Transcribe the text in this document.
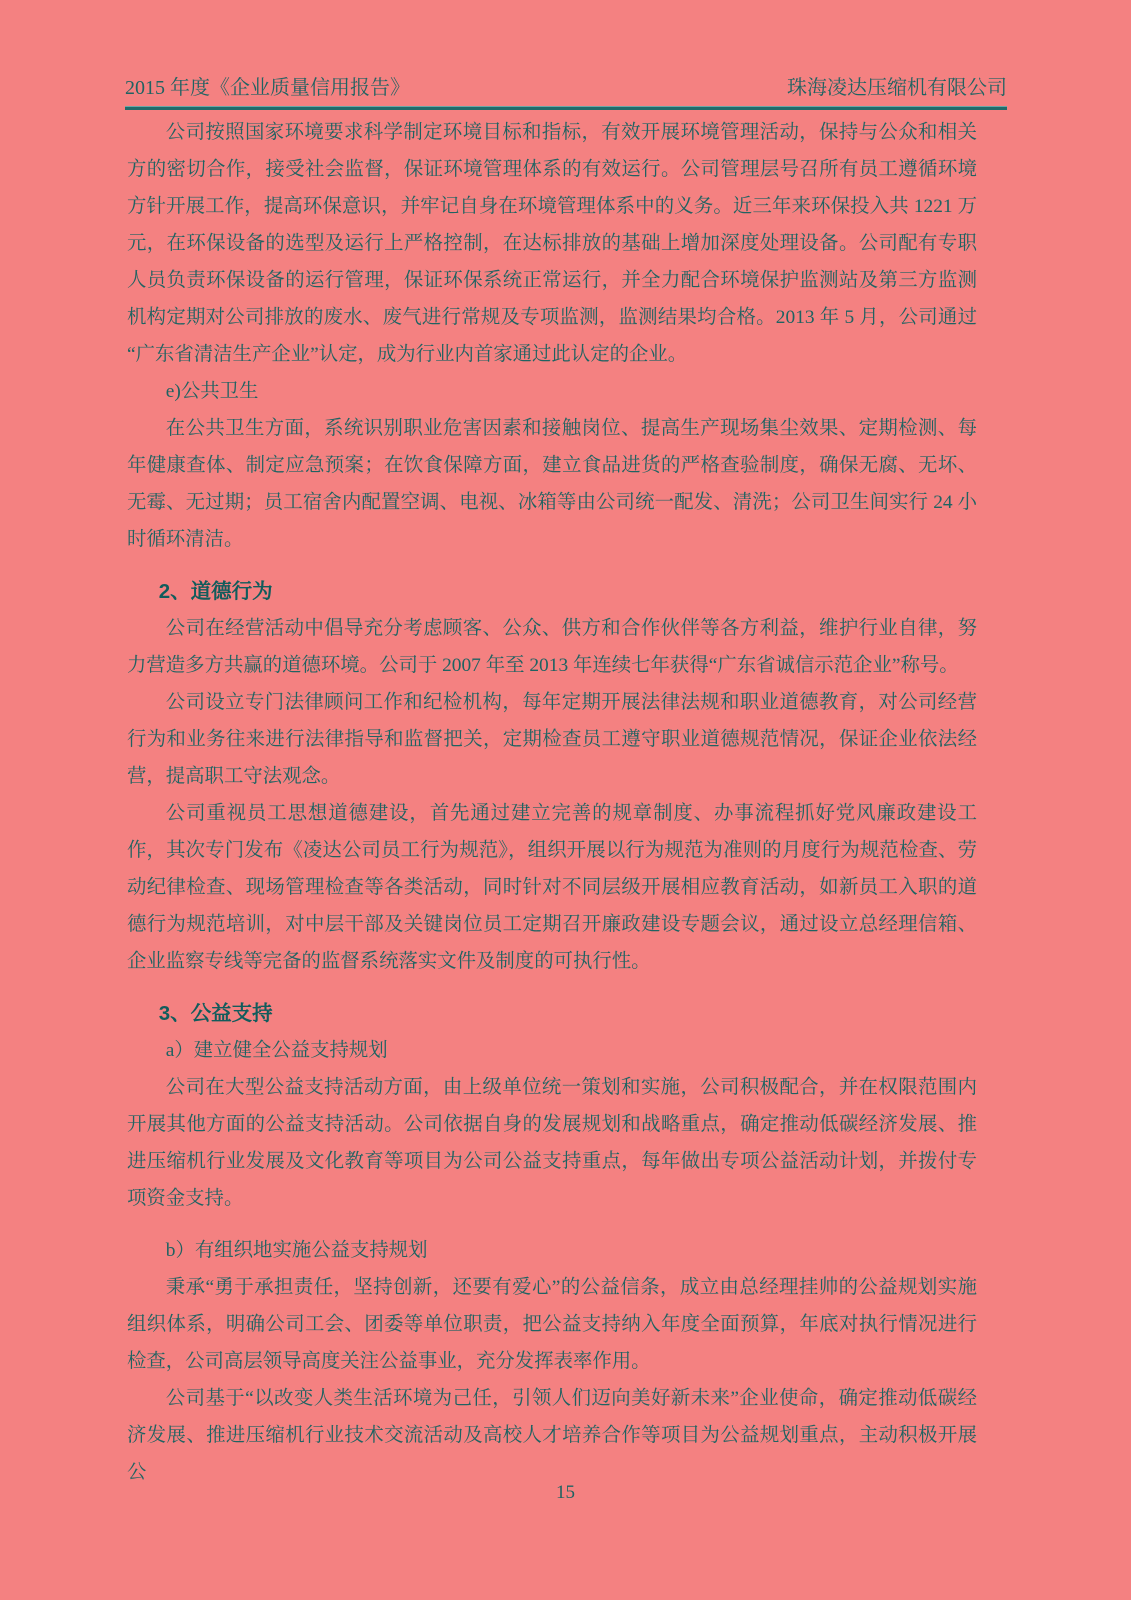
2015 年度《企业质量信用报告》	珠海凌达压缩机有限公司

公司按照国家环境要求科学制定环境目标和指标，有效开展环境管理活动，保持与公众和相关方的密切合作，接受社会监督，保证环境管理体系的有效运行。公司管理层号召所有员工遵循环境方针开展工作，提高环保意识，并牢记自身在环境管理体系中的义务。近三年来环保投入共 1221 万元，在环保设备的选型及运行上严格控制，在达标排放的基础上增加深度处理设备。公司配有专职人员负责环保设备的运行管理，保证环保系统正常运行，并全力配合环境保护监测站及第三方监测机构定期对公司排放的废水、废气进行常规及专项监测，监测结果均合格。2013 年 5 月，公司通过“广东省清洁生产企业”认定，成为行业内首家通过此认定的企业。

e)公共卫生

在公共卫生方面，系统识别职业危害因素和接触岗位、提高生产现场集尘效果、定期检测、每年健康查体、制定应急预案；在饮食保障方面，建立食品进货的严格查验制度，确保无腐、无坏、无霉、无过期；员工宿舍内配置空调、电视、冰箱等由公司统一配发、清洗；公司卫生间实行 24 小时循环清洁。

2、道德行为

公司在经营活动中倡导充分考虑顾客、公众、供方和合作伙伴等各方利益，维护行业自律，努力营造多方共赢的道德环境。公司于 2007 年至 2013 年连续七年获得“广东省诚信示范企业”称号。

公司设立专门法律顾问工作和纪检机构，每年定期开展法律法规和职业道德教育，对公司经营行为和业务往来进行法律指导和监督把关，定期检查员工遵守职业道德规范情况，保证企业依法经营，提高职工守法观念。

公司重视员工思想道德建设，首先通过建立完善的规章制度、办事流程抓好党风廉政建设工作，其次专门发布《凌达公司员工行为规范》，组织开展以行为规范为准则的月度行为规范检查、劳动纪律检查、现场管理检查等各类活动，同时针对不同层级开展相应教育活动，如新员工入职的道德行为规范培训，对中层干部及关键岗位员工定期召开廉政建设专题会议，通过设立总经理信箱、企业监察专线等完备的监督系统落实文件及制度的可执行性。

3、公益支持

a）建立健全公益支持规划

公司在大型公益支持活动方面，由上级单位统一策划和实施，公司积极配合，并在权限范围内开展其他方面的公益支持活动。公司依据自身的发展规划和战略重点，确定推动低碳经济发展、推进压缩机行业发展及文化教育等项目为公司公益支持重点，每年做出专项公益活动计划，并拨付专项资金支持。

b）有组织地实施公益支持规划

秉承“勇于承担责任，坚持创新，还要有爱心”的公益信条，成立由总经理挂帅的公益规划实施组织体系，明确公司工会、团委等单位职责，把公益支持纳入年度全面预算，年底对执行情况进行检查，公司高层领导高度关注公益事业，充分发挥表率作用。

公司基于“以改变人类生活环境为己任，引领人们迈向美好新未来”企业使命，确定推动低碳经济发展、推进压缩机行业技术交流活动及高校人才培养合作等项目为公益规划重点，主动积极开展公

15
